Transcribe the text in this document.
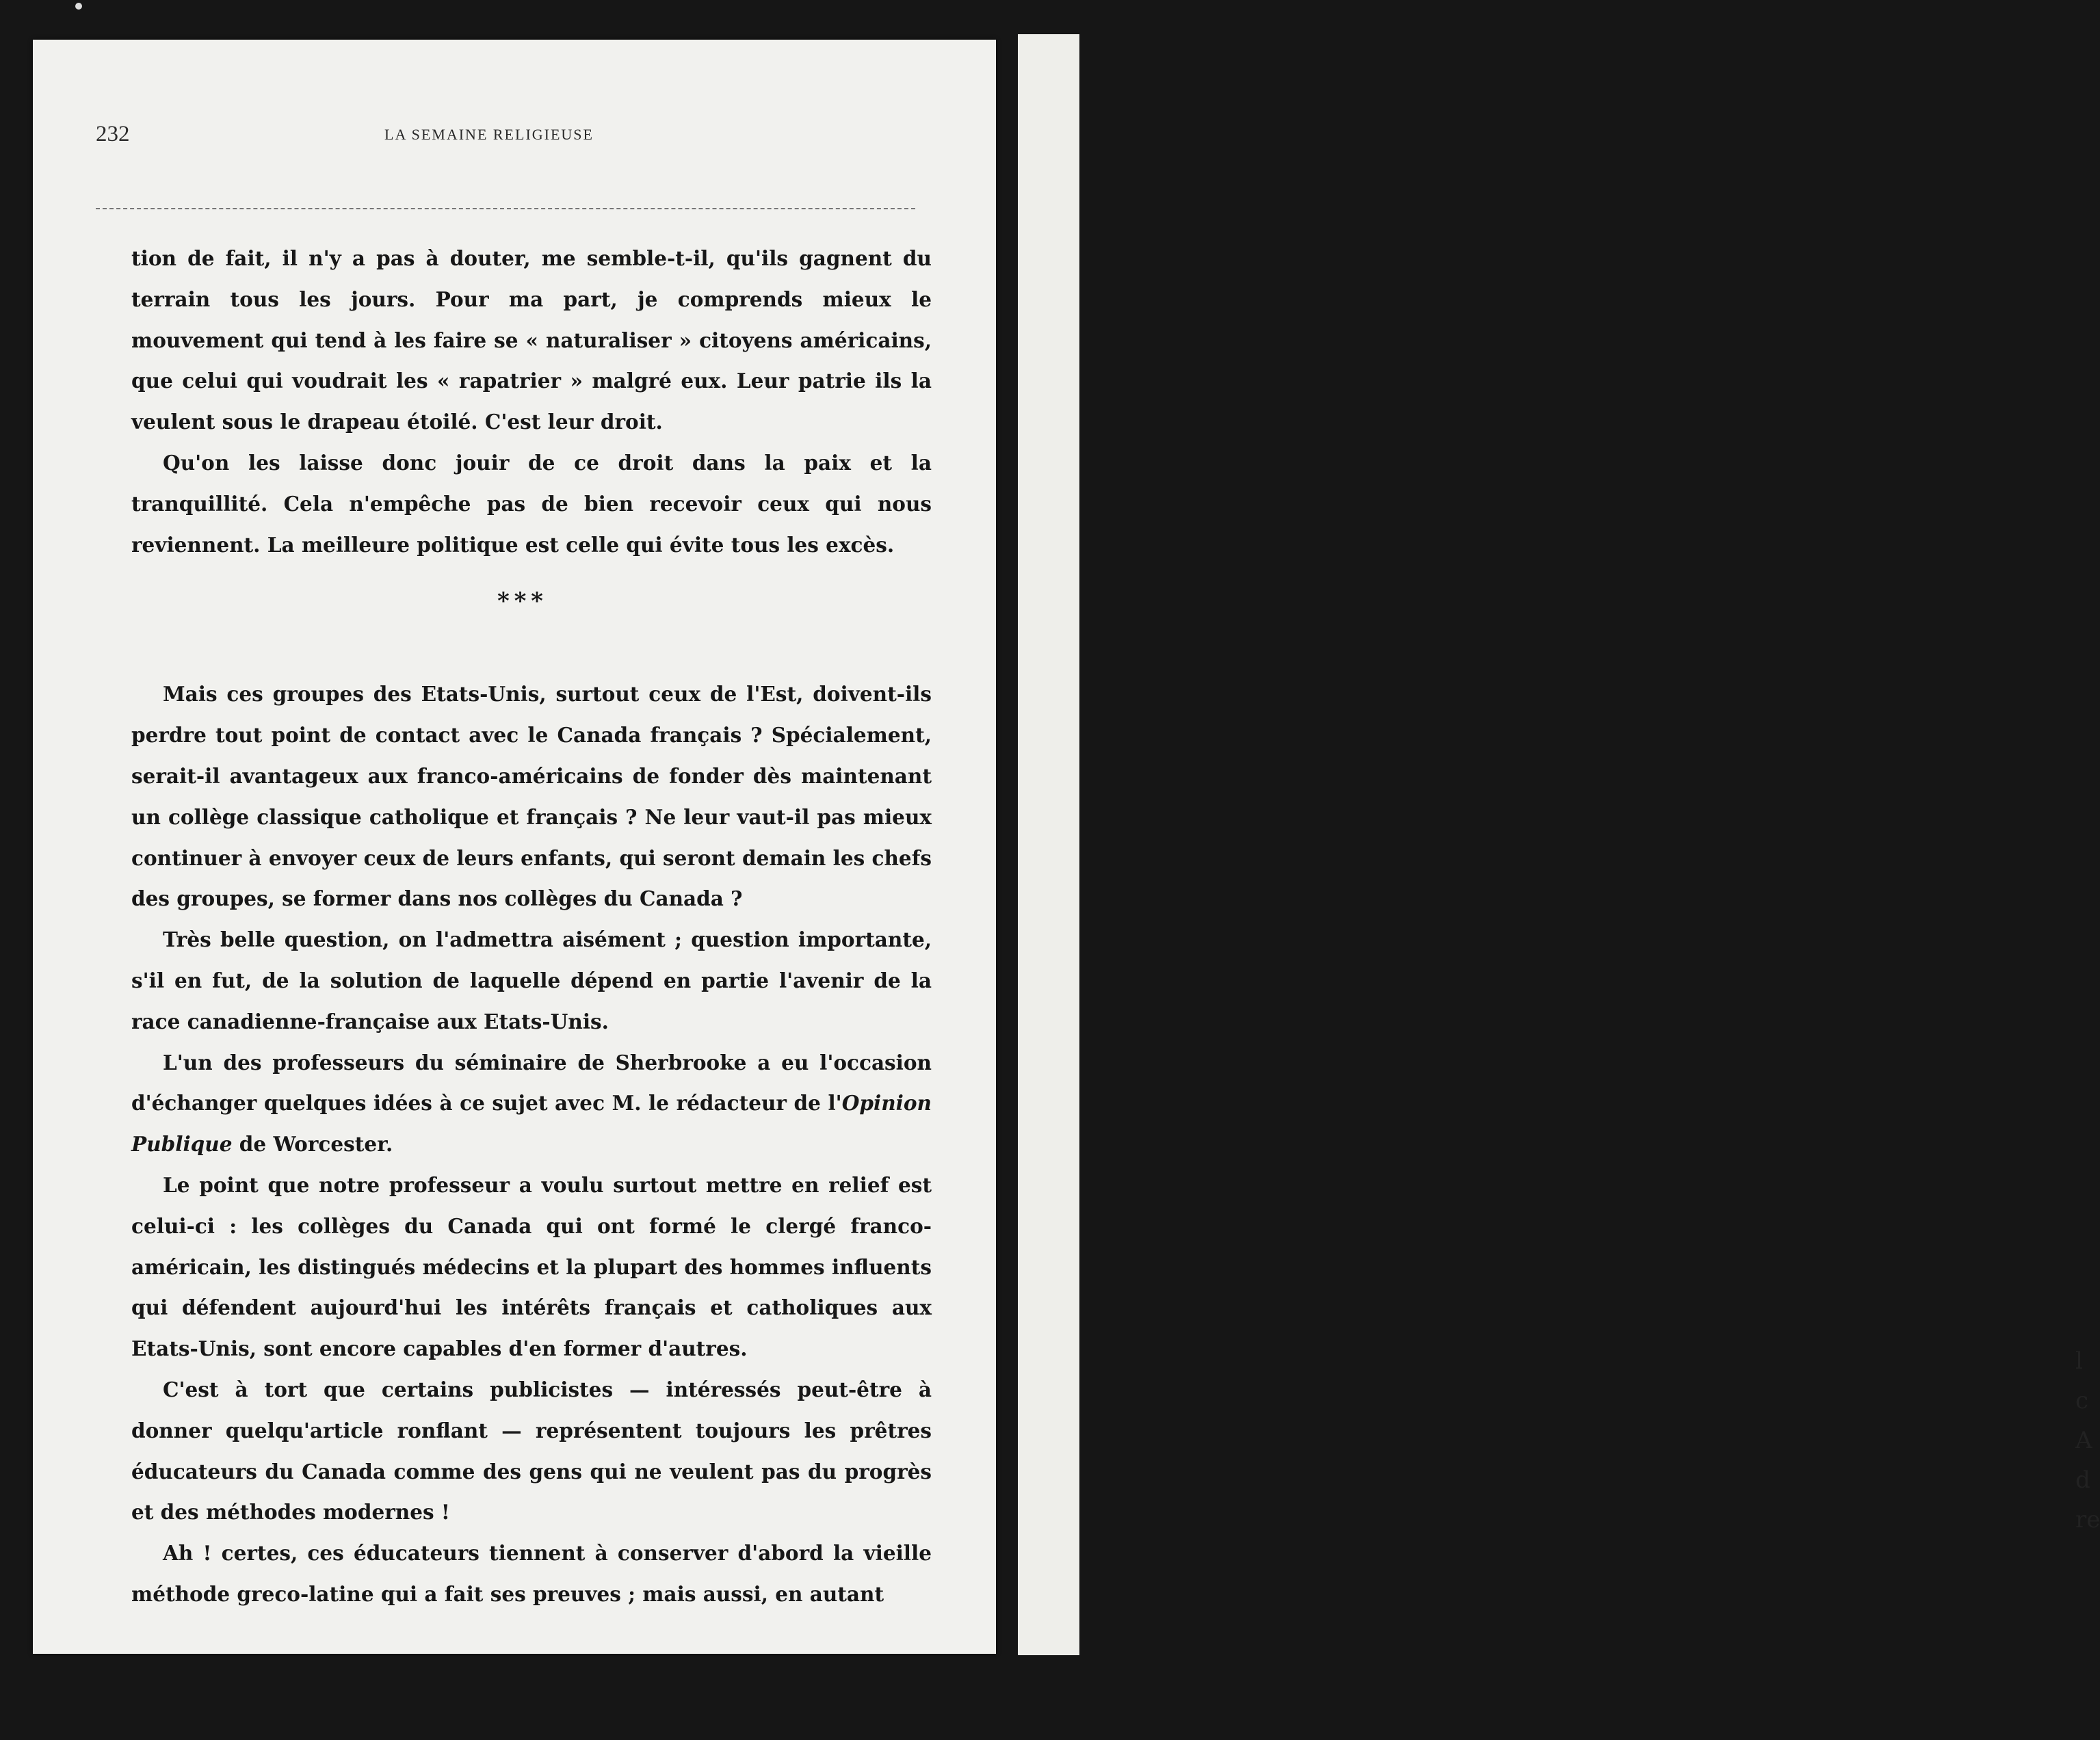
l
c
A
d
re
232	LA SEMAINE RELIGIEUSE

tion de fait, il n'y a pas à douter, me semble-t-il, qu'ils gagnent du terrain tous les jours. Pour ma part, je comprends mieux le mouvement qui tend à les faire se « naturaliser » citoyens américains, que celui qui voudrait les « rapatrier » malgré eux. Leur patrie ils la veulent sous le drapeau étoilé. C'est leur droit.

Qu'on les laisse donc jouir de ce droit dans la paix et la tranquillité. Cela n'empêche pas de bien recevoir ceux qui nous reviennent. La meilleure politique est celle qui évite tous les excès.

* * *

Mais ces groupes des Etats-Unis, surtout ceux de l'Est, doivent-ils perdre tout point de contact avec le Canada français ? Spécialement, serait-il avantageux aux franco-américains de fonder dès maintenant un collège classique catholique et français ? Ne leur vaut-il pas mieux continuer à envoyer ceux de leurs enfants, qui seront demain les chefs des groupes, se former dans nos collèges du Canada ?

Très belle question, on l'admettra aisément ; question importante, s'il en fut, de la solution de laquelle dépend en partie l'avenir de la race canadienne-française aux Etats-Unis.

L'un des professeurs du séminaire de Sherbrooke a eu l'occasion d'échanger quelques idées à ce sujet avec M. le rédacteur de l'Opinion Publique de Worcester.

Le point que notre professeur a voulu surtout mettre en relief est celui-ci : les collèges du Canada qui ont formé le clergé franco-américain, les distingués médecins et la plupart des hommes influents qui défendent aujourd'hui les intérêts français et catholiques aux Etats-Unis, sont encore capables d'en former d'autres.

C'est à tort que certains publicistes — intéressés peut-être à donner quelqu'article ronflant — représentent toujours les prêtres éducateurs du Canada comme des gens qui ne veulent pas du progrès et des méthodes modernes !

Ah ! certes, ces éducateurs tiennent à conserver d'abord la vieille méthode greco-latine qui a fait ses preuves ; mais aussi, en autant
